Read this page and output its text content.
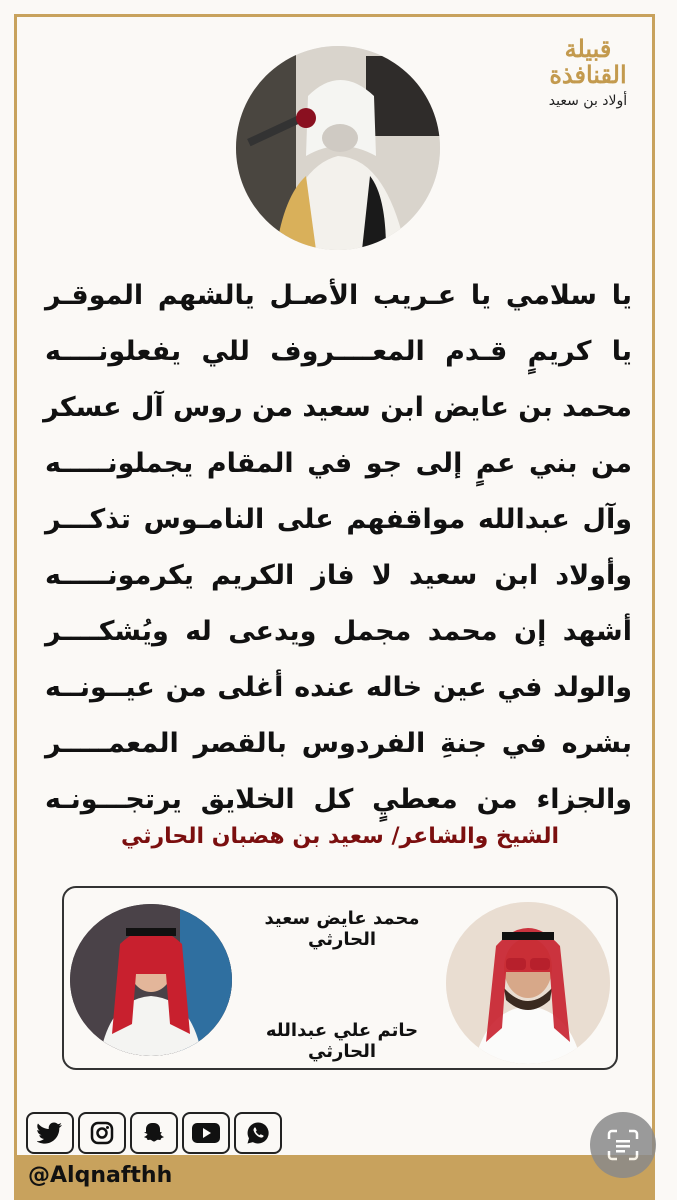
قبيلة
القنافذة
أولاد بن سعيد
يا سلامي يا عـريب الأصـل يالشهم الموقـر
يا كريمٍ قـدم المعــــروف للي يفعلونــــه
محمد بن عايض ابن سعيد من روس آل عسكر
من بني عمٍ إلى جو في المقام يجملونـــــه
وآل عبدالله مواقفهم على النامـوس تذكـــر
وأولاد ابن سعيد لا فاز الكريم يكرمونـــــه
أشهد إن محمد مجمل ويدعى له ويُشكــــر
والولد في عين خاله عنده أغلى من عيــونــه
بشره في جنةِ الفردوس بالقصر المعمـــــر
والجزاء من معطيٍ كل الخلايق يرتجـــونـه
الشيخ والشاعر/ سعيد بن هضبان الحارثي
محمد عايض سعيد الحارثي
حاتم علي عبدالله الحارثي
@Alqnafthh
